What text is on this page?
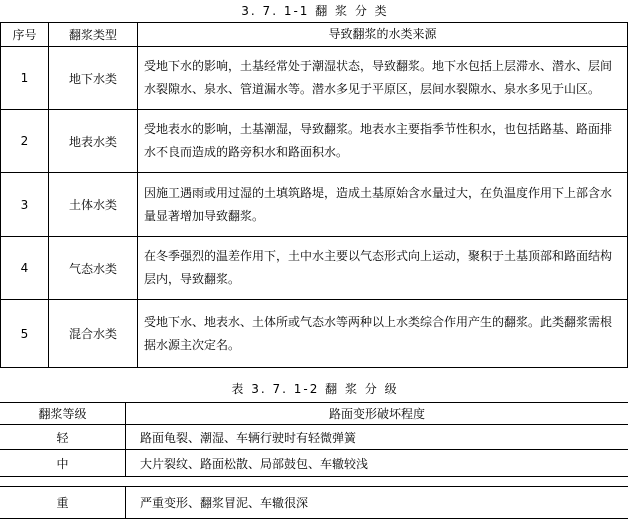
3. 7. 1-1 翻 浆 分 类
序号	翻浆类型	导致翻浆的水类来源
1	地下水类	受地下水的影响，土基经常处于潮湿状态，导致翻浆。地下水包括上层滞水、潜水、层间水裂隙水、泉水、管道漏水等。潜水多见于平原区，层间水裂隙水、泉水多见于山区。
2	地表水类	受地表水的影响，土基潮湿，导致翻浆。地表水主要指季节性积水，也包括路基、路面排水不良而造成的路旁积水和路面积水。
3	土体水类	因施工遇雨或用过湿的土填筑路堤，造成土基原始含水量过大，在负温度作用下上部含水量显著增加导致翻浆。
4	气态水类	在冬季强烈的温差作用下，土中水主要以气态形式向上运动，聚积于土基顶部和路面结构层内，导致翻浆。
5	混合水类	受地下水、地表水、土体所或气态水等两种以上水类综合作用产生的翻浆。此类翻浆需根据水源主次定名。
表 3. 7. 1-2 翻 浆 分 级
翻浆等级	路面变形破坏程度
轻	路面龟裂、潮湿、车辆行驶时有轻微弹簧
中	大片裂纹、路面松散、局部鼓包、车辙较浅

重	严重变形、翻浆冒泥、车辙很深
